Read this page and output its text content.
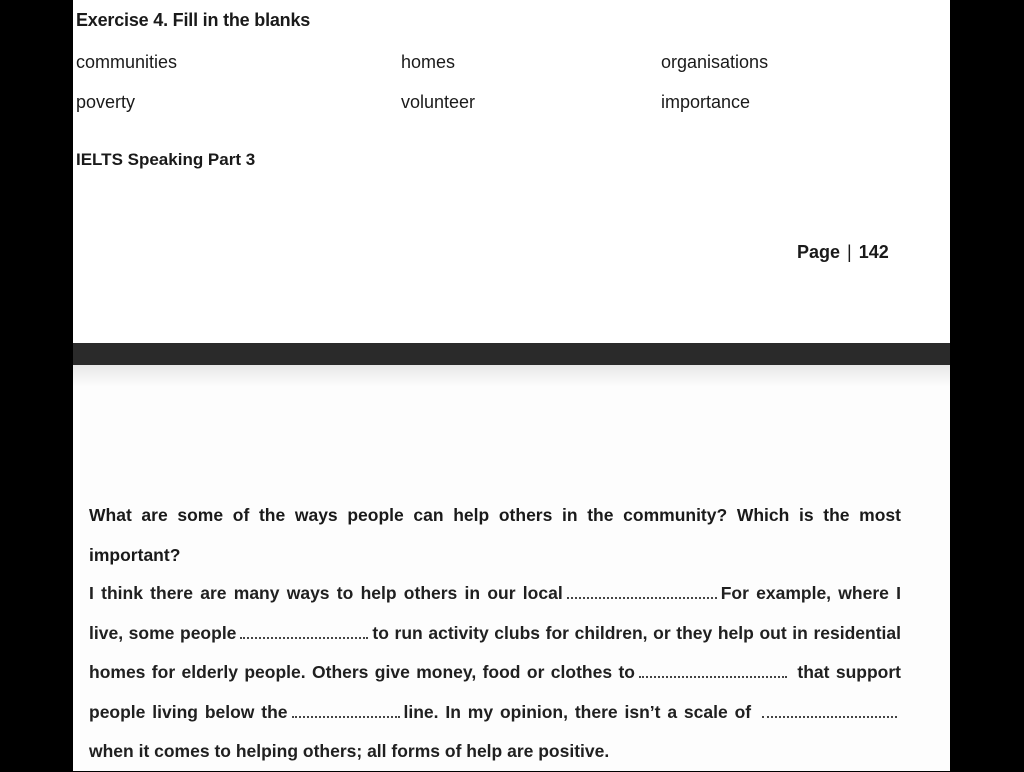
Exercise 4. Fill in the blanks
communities	homes	organisations
poverty	volunteer	importance
IELTS Speaking Part 3
Page | 142
What are some of the ways people can help others in the community? Which is the most important?
I think there are many ways to help others in our local	For example, where I live, some people	to run activity clubs for children, or they help out in residential homes for elderly people. Others give money, food or clothes to	that support people living below the	line. In my opinion, there isn’t a scale of when it comes to helping others; all forms of help are positive.
